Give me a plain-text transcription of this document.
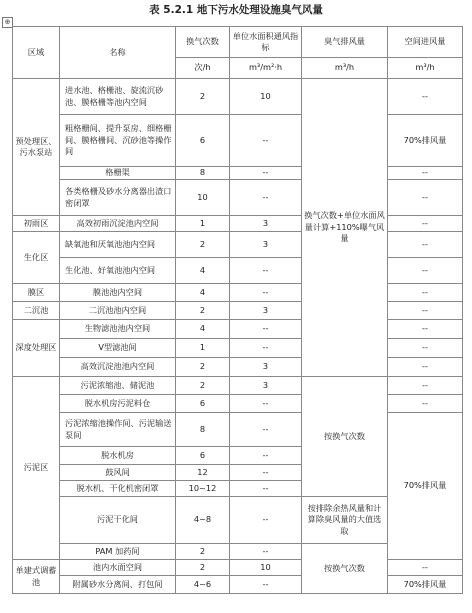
表 5.2.1 地下污水处理设施臭气风量
⊕
区域	名称	换气次数	单位水面积通风指标	臭气排风量	空间进风量
		次/h	m³/m²·h	m³/h	m³/h
预处理区、污水泵站	进水池、格栅池、旋流沉砂池、膜格栅等池内空间	2	10	换气次数+单位水面风量计算+110%曝气风量	--
	粗格栅间、提升泵房、细格栅间、膜格栅间、沉砂池等操作间	6	--		70%排风量
	格栅渠	8	--		--
	各类格栅及砂水分离器出渣口密闭罩	10	--		--
初雨区	高效初雨沉淀池内空间	1	3		--
生化区	缺氧池和厌氧池池内空间	2	3		--
	生化池、好氧池池内空间	4	--		--
膜区	膜池池内空间	4	--		--
二沉池	二沉池池内空间	2	3		--
深度处理区	生物滤池池内空间	4	--		--
	V型滤池间	1	--		--
	高效沉淀池池内空间	2	3		--
污泥区	污泥浓缩池、储泥池	2	3	按换气次数	--
	脱水机房污泥料仓	6	--		--
	污泥浓缩池操作间、污泥输送泵间	8	--		70%排风量
	脱水机房	6	--		
	鼓风间	12	--		
	脱水机、干化机密闭罩	10~12	--		
	污泥干化间	4~8	--	按排除余热风量和计算除臭风量的大值选取	
	PAM 加药间	2	--	按换气次数	
单建式调蓄池	池内水面空间	2	10		--
	附属砂水分离间、打包间	4~6	--		70%排风量
